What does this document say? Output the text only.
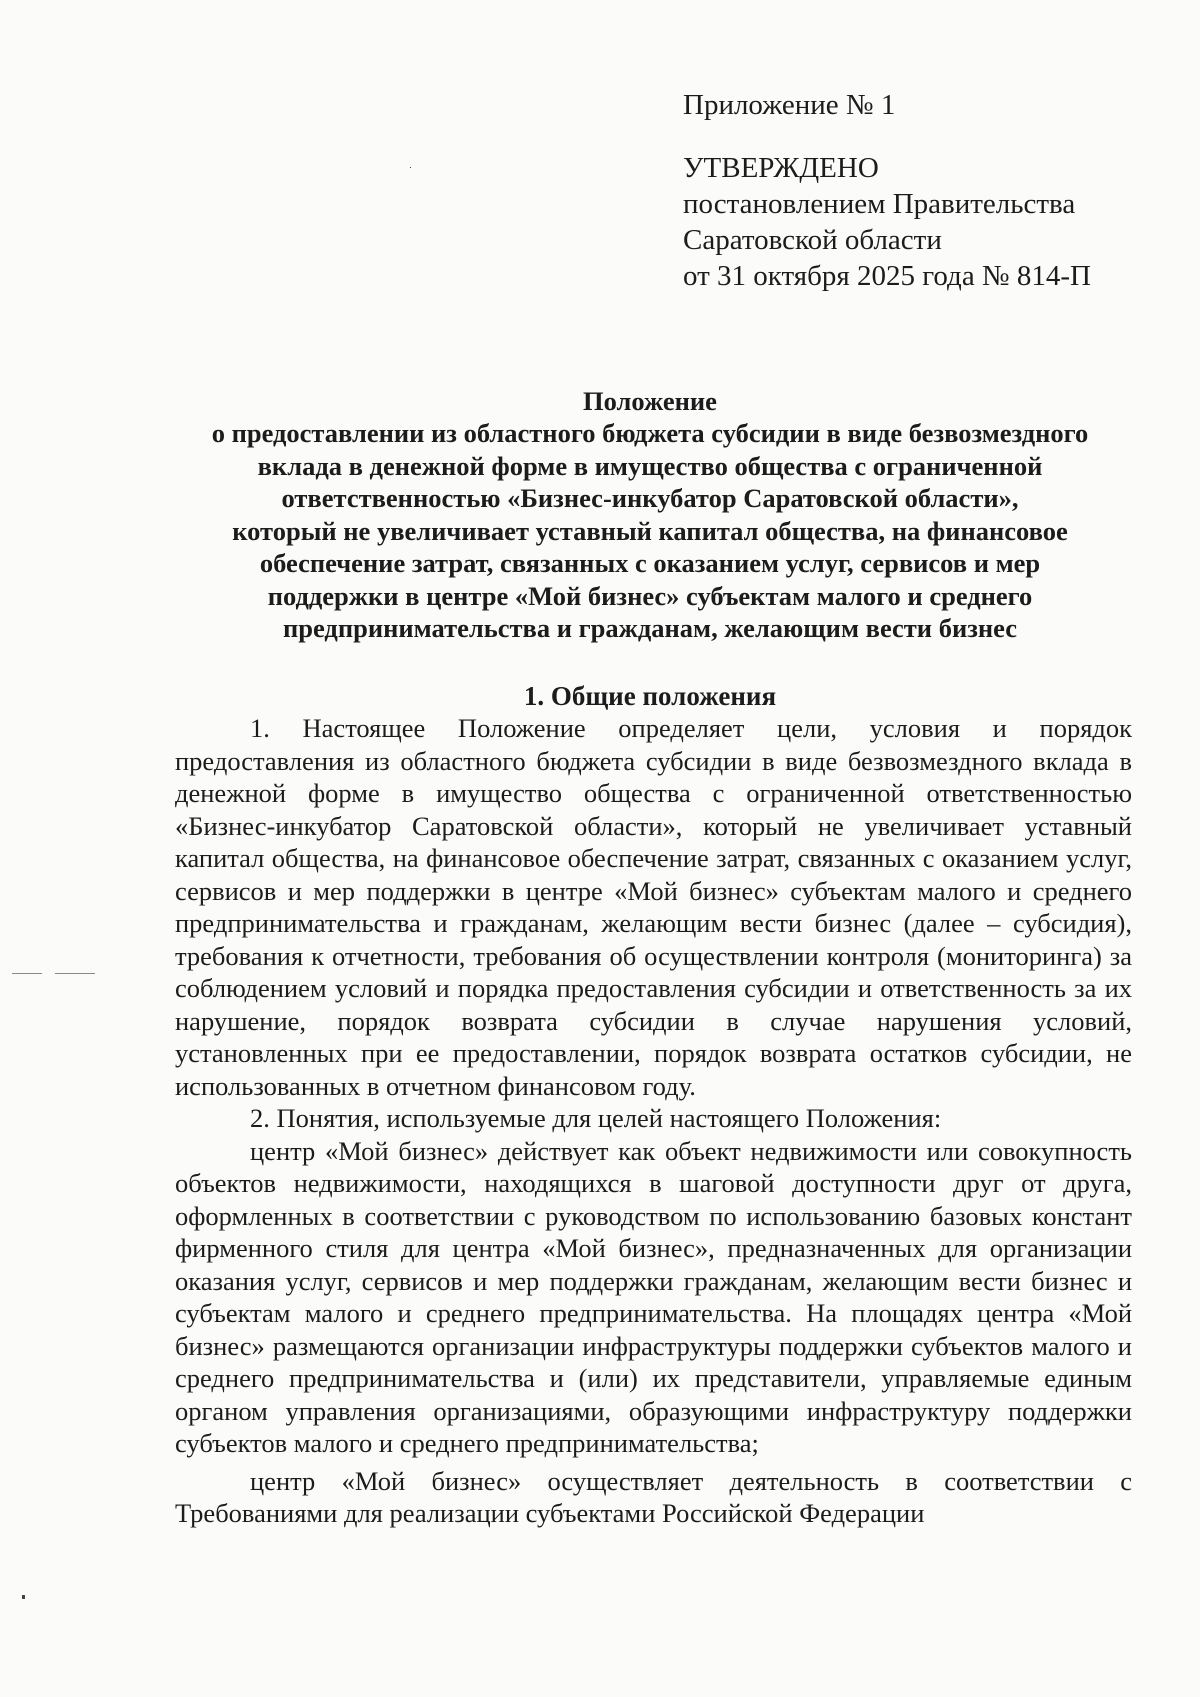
Приложение № 1
УТВЕРЖДЕНО
постановлением Правительства
Саратовской области
от 31 октября 2025 года № 814-П
Положение
о предоставлении из областного бюджета субсидии в виде безвозмездного
вклада в денежной форме в имущество общества с ограниченной
ответственностью «Бизнес-инкубатор Саратовской области»,
который не увеличивает уставный капитал общества, на финансовое
обеспечение затрат, связанных с оказанием услуг, сервисов и мер
поддержки в центре «Мой бизнес» субъектам малого и среднего
предпринимательства и гражданам, желающим вести бизнес
1. Общие положения

1. Настоящее Положение определяет цели, условия и порядок предоставления из областного бюджета субсидии в виде безвозмездного вклада в денежной форме в имущество общества с ограниченной ответственностью «Бизнес-инкубатор Саратовской области», который не увеличивает уставный капитал общества, на финансовое обеспечение затрат, связанных с оказанием услуг, сервисов и мер поддержки в центре «Мой бизнес» субъектам малого и среднего предпринимательства и гражданам, желающим вести бизнес (далее – субсидия), требования к отчетности, требования об осуществлении контроля (мониторинга) за соблюдением условий и порядка предоставления субсидии и ответственность за их нарушение, порядок возврата субсидии в случае нарушения условий, установленных при ее предоставлении, порядок возврата остатков субсидии, не использованных в отчетном финансовом году.

2. Понятия, используемые для целей настоящего Положения:

центр «Мой бизнес» действует как объект недвижимости или совокупность объектов недвижимости, находящихся в шаговой доступности друг от друга, оформленных в соответствии с руководством по использованию базовых констант фирменного стиля для центра «Мой бизнес», предназначенных для организации оказания услуг, сервисов и мер поддержки гражданам, желающим вести бизнес и субъектам малого и среднего предпринимательства. На площадях центра «Мой бизнес» размещаются организации инфраструктуры поддержки субъектов малого и среднего предпринимательства и (или) их представители, управляемые единым органом управления организациями, образующими инфраструктуру поддержки субъектов малого и среднего предпринимательства;

центр «Мой бизнес» осуществляет деятельность в соответствии с Требованиями для реализации субъектами Российской Федерации
